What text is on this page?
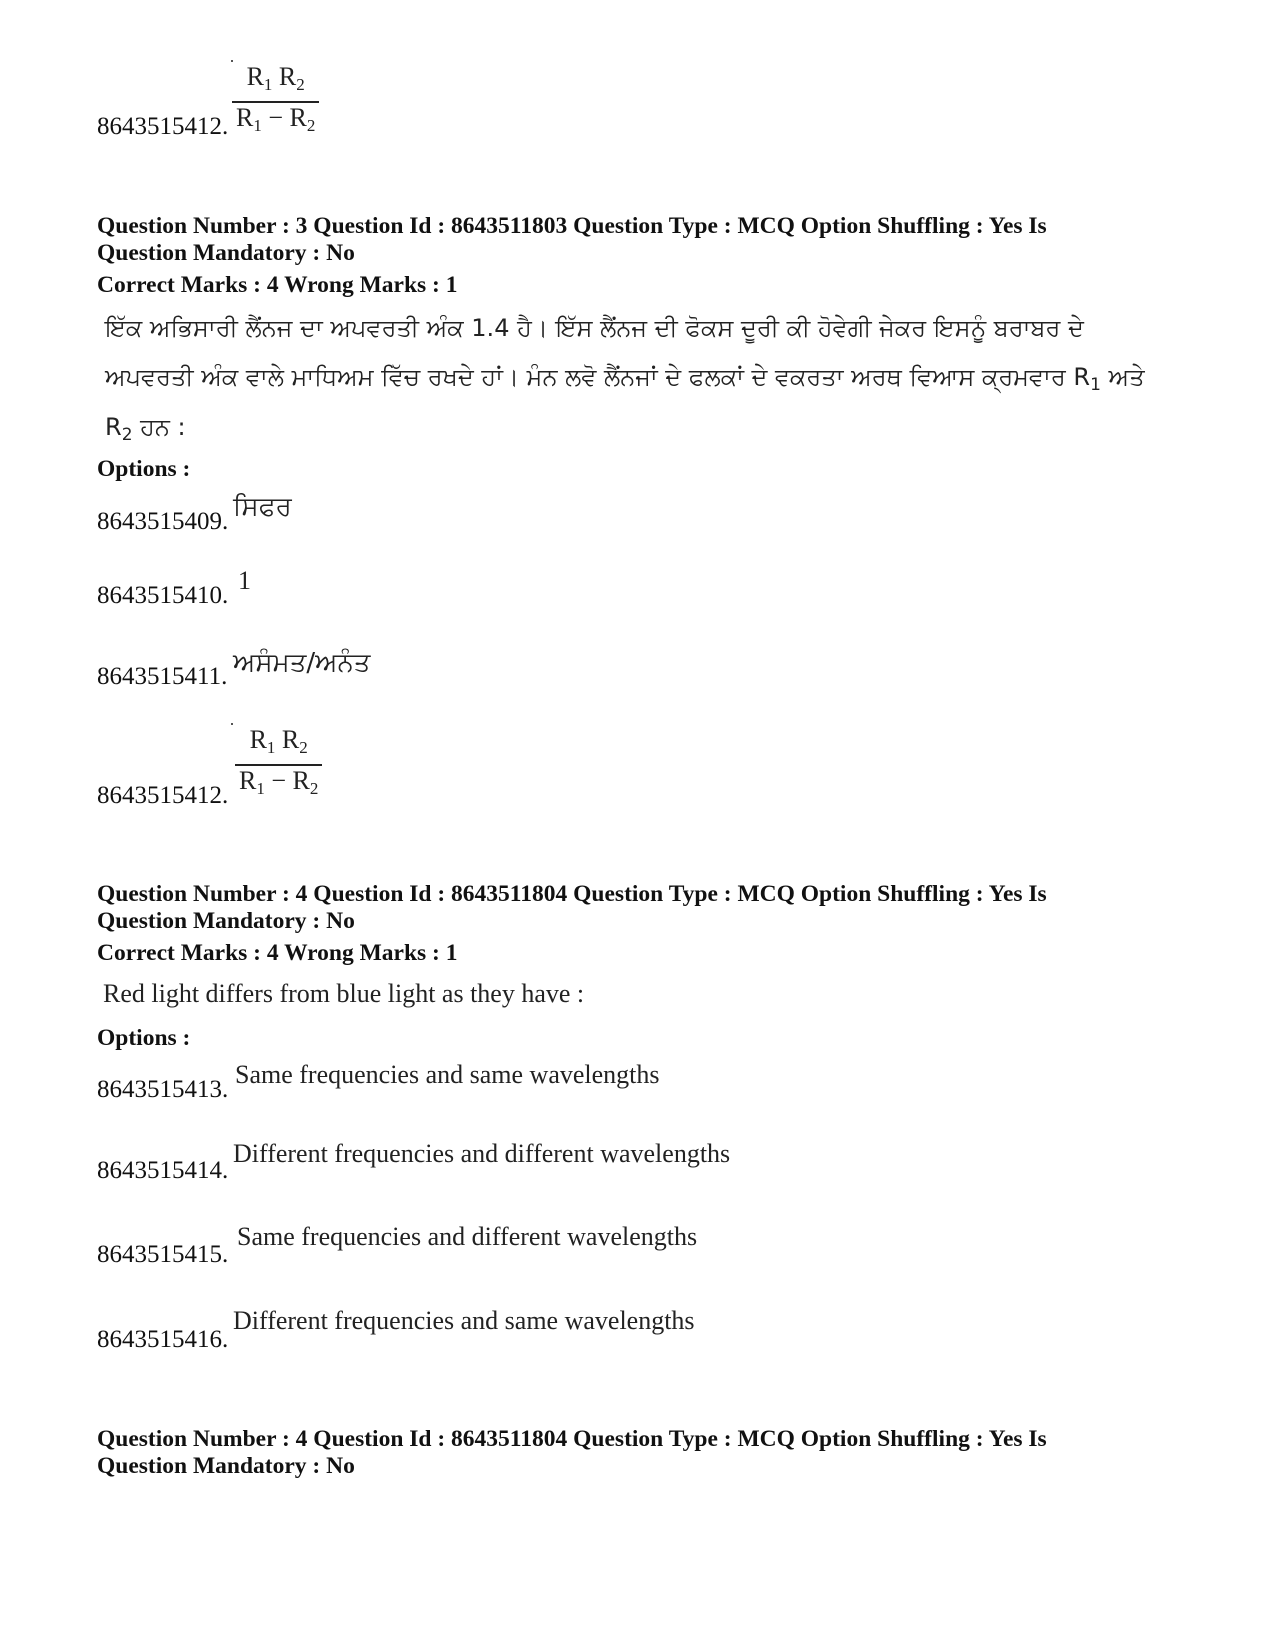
$\frac{R_1 R_2}{R_1 - R_2}$
8643515412.
Question Number : 3 Question Id : 8643511803 Question Type : MCQ Option Shuffling : Yes Is
Question Mandatory : No
Correct Marks : 4 Wrong Marks : 1
ਇੱਕ ਅਭਿਸਾਰੀ ਲੈਂਨਜ ਦਾ ਅਪਵਰਤੀ ਅੰਕ 1.4 ਹੈ। ਇੱਸ ਲੈਂਨਜ ਦੀ ਫੋਕਸ ਦੂਰੀ ਕੀ ਹੋਵੇਗੀ ਜੇਕਰ ਇਸਨੂੰ ਬਰਾਬਰ ਦੇ
ਅਪਵਰਤੀ ਅੰਕ ਵਾਲੇ ਮਾਧਿਅਮ ਵਿੱਚ ਰਖਦੇ ਹਾਂ। ਮੰਨ ਲਵੋ ਲੈਂਨਜਾਂ ਦੇ ਫਲਕਾਂ ਦੇ ਵਕਰਤਾ ਅਰਥ ਵਿਆਸ ਕ੍ਰਮਵਾਰ $R_1$ ਅਤੇ
$R_2$ ਹਨ :
Options :
8643515409. ਸਿਫਰ
8643515410.
1
8643515411. ਅਸੰਮਤ/ਅਨੰਤ
$\frac{R_1 R_2}{R_1 - R_2}$
8643515412.
Question Number : 4 Question Id : 8643511804 Question Type : MCQ Option Shuffling : Yes Is
Question Mandatory : No
Correct Marks : 4 Wrong Marks : 1
Red light differs from blue light as they have :
Options :
8643515413.
Same frequencies and same wavelengths
8643515414.
Different frequencies and different wavelengths
8643515415.
Same frequencies and different wavelengths
8643515416.
Different frequencies and same wavelengths
Question Number : 4 Question Id : 8643511804 Question Type : MCQ Option Shuffling : Yes Is
Question Mandatory : No
